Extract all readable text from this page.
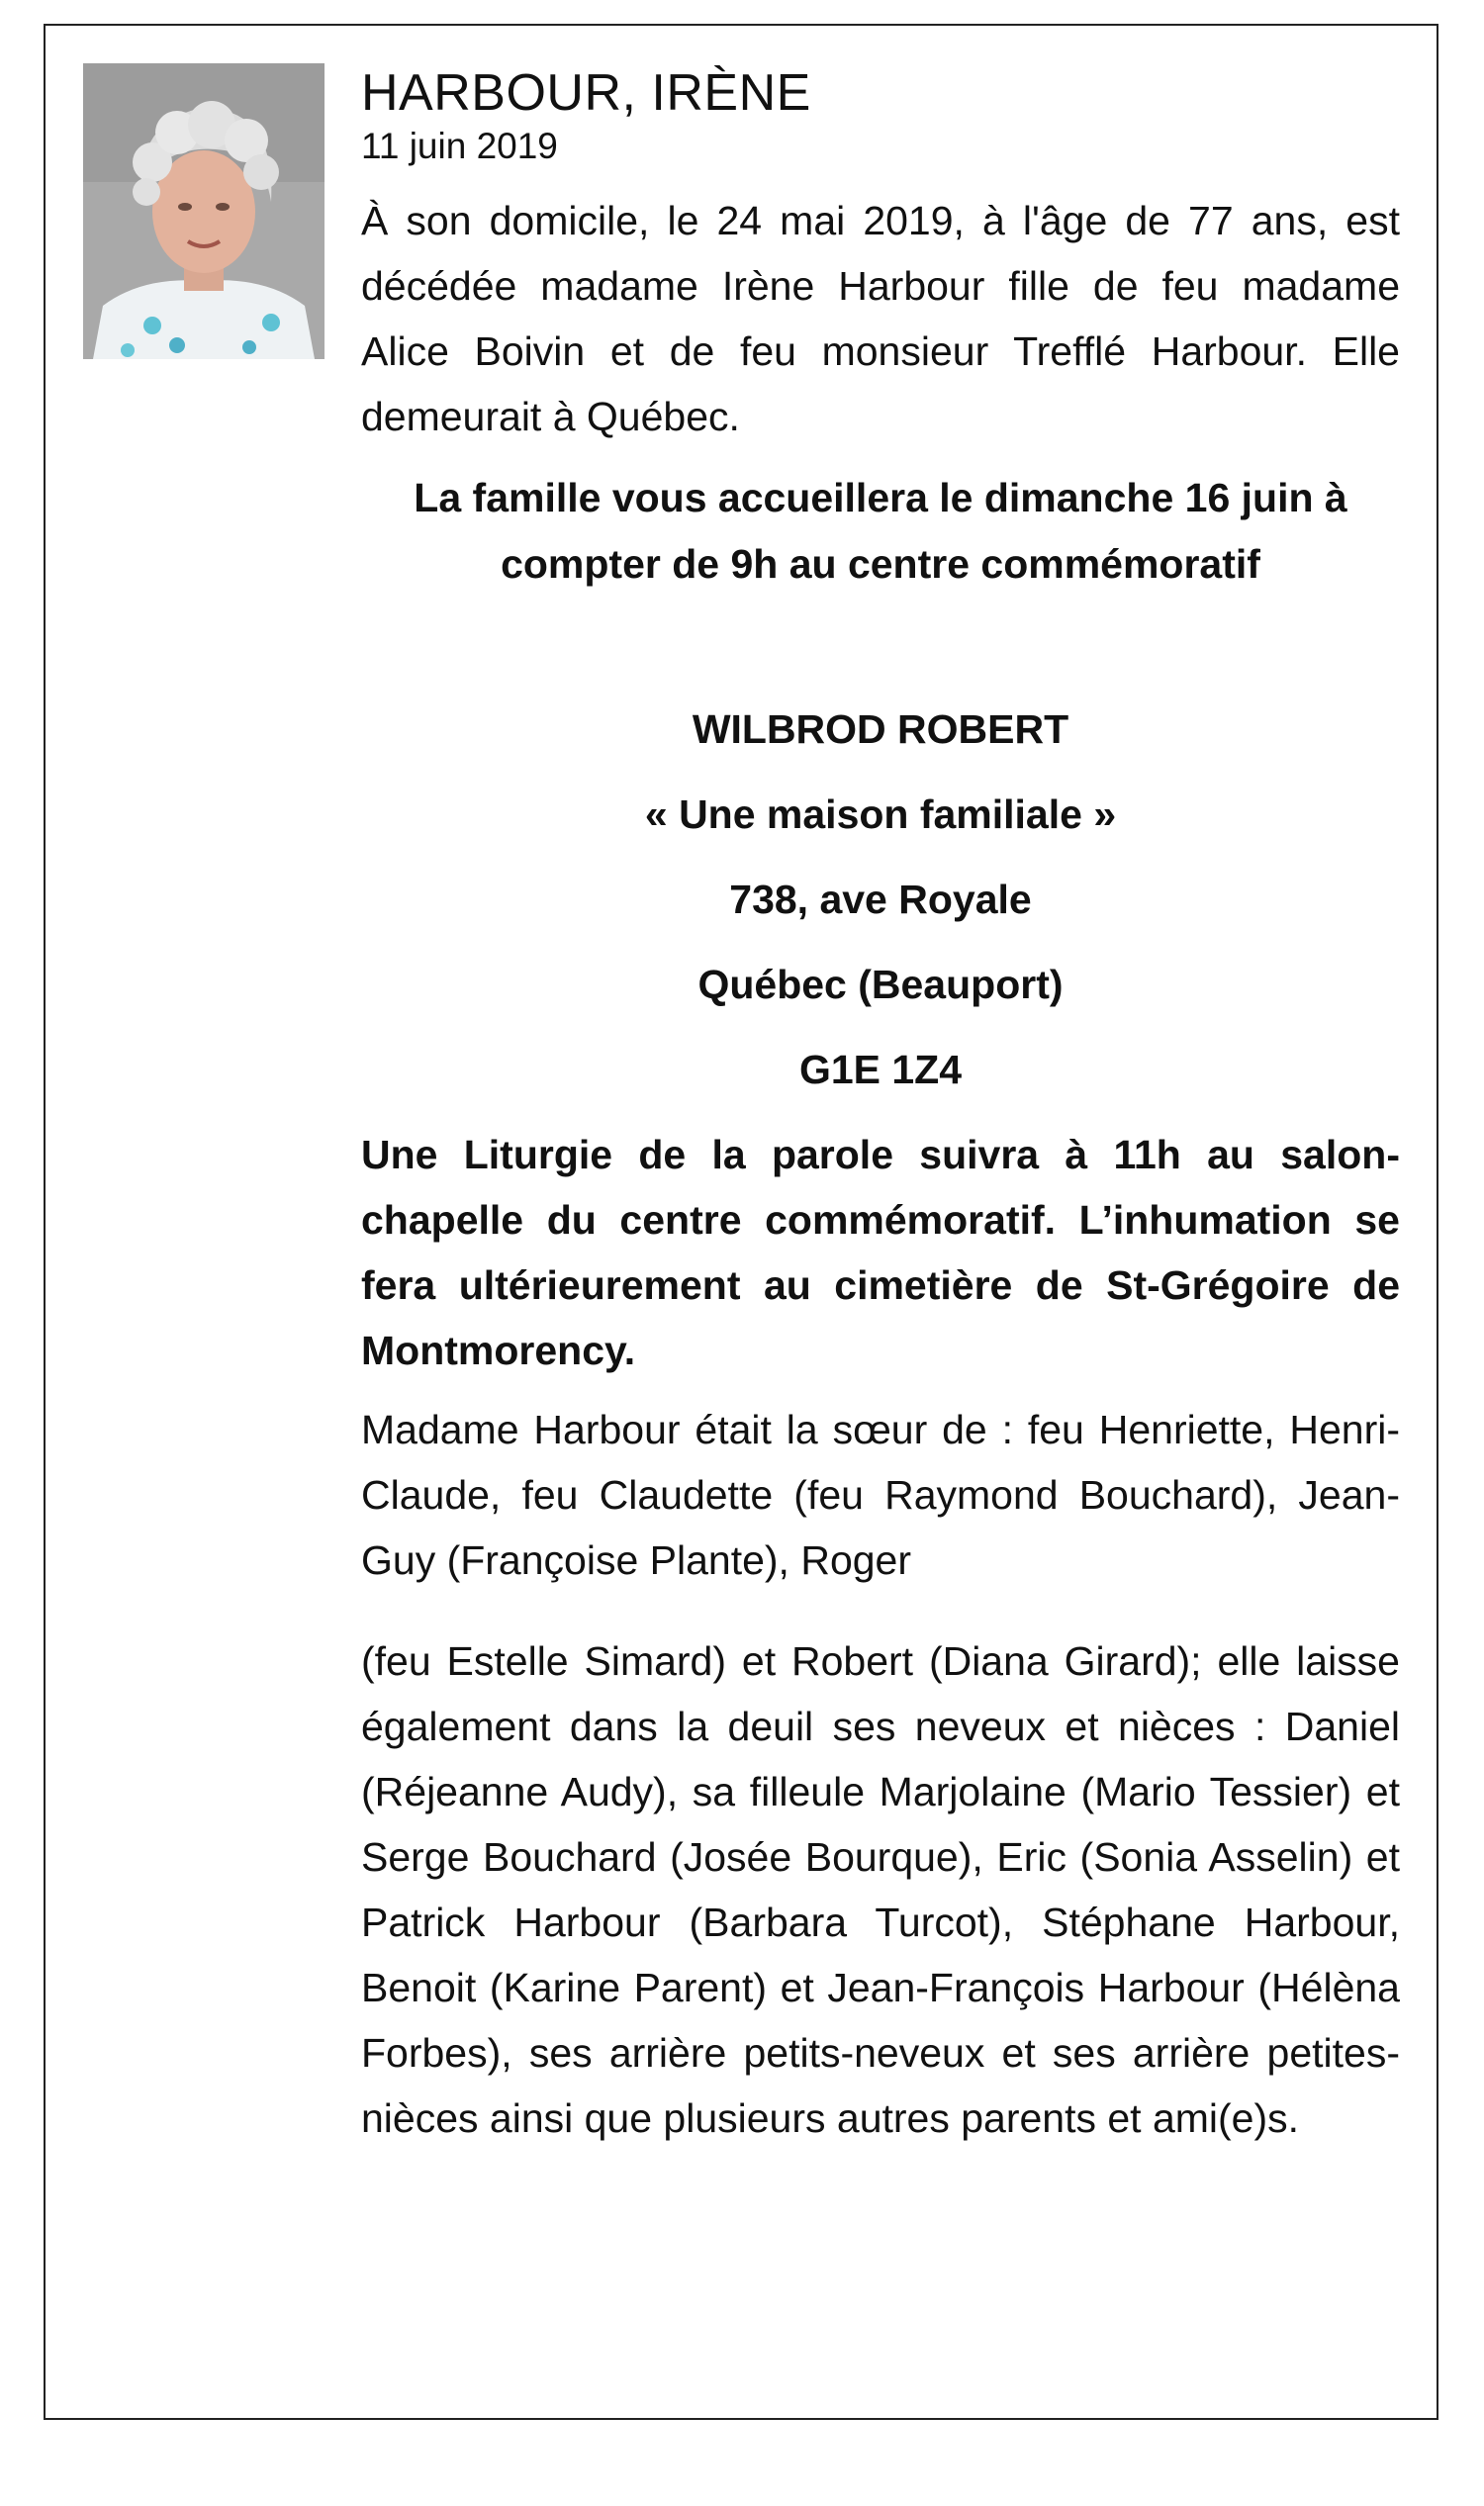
HARBOUR, IRÈNE

11 juin 2019

À son domicile, le 24 mai 2019, à l'âge de 77 ans, est décédée madame Irène Harbour fille de feu madame Alice Boivin et de feu monsieur Trefflé Harbour. Elle demeurait à Québec.

La famille vous accueillera le dimanche 16 juin à compter de 9h au centre commémoratif

WILBROD ROBERT

« Une maison familiale »

738, ave Royale

Québec (Beauport)

G1E 1Z4

Une Liturgie de la parole suivra à 11h au salon-chapelle du centre commémoratif. L’inhumation se fera ultérieurement au cimetière de St-Grégoire de Montmorency.

Madame Harbour était la sœur de : feu Henriette, Henri-Claude, feu Claudette (feu Raymond Bouchard), Jean-Guy (Françoise Plante), Roger

(feu Estelle Simard) et Robert (Diana Girard); elle laisse également dans la deuil ses neveux et nièces : Daniel (Réjeanne Audy), sa filleule Marjolaine (Mario Tessier) et Serge Bouchard (Josée Bourque), Eric (Sonia Asselin) et Patrick Harbour (Barbara Turcot), Stéphane Harbour, Benoit (Karine Parent) et Jean-François Harbour (Hélèna Forbes), ses arrière petits-neveux et ses arrière petites-nièces ainsi que plusieurs autres parents et ami(e)s.
